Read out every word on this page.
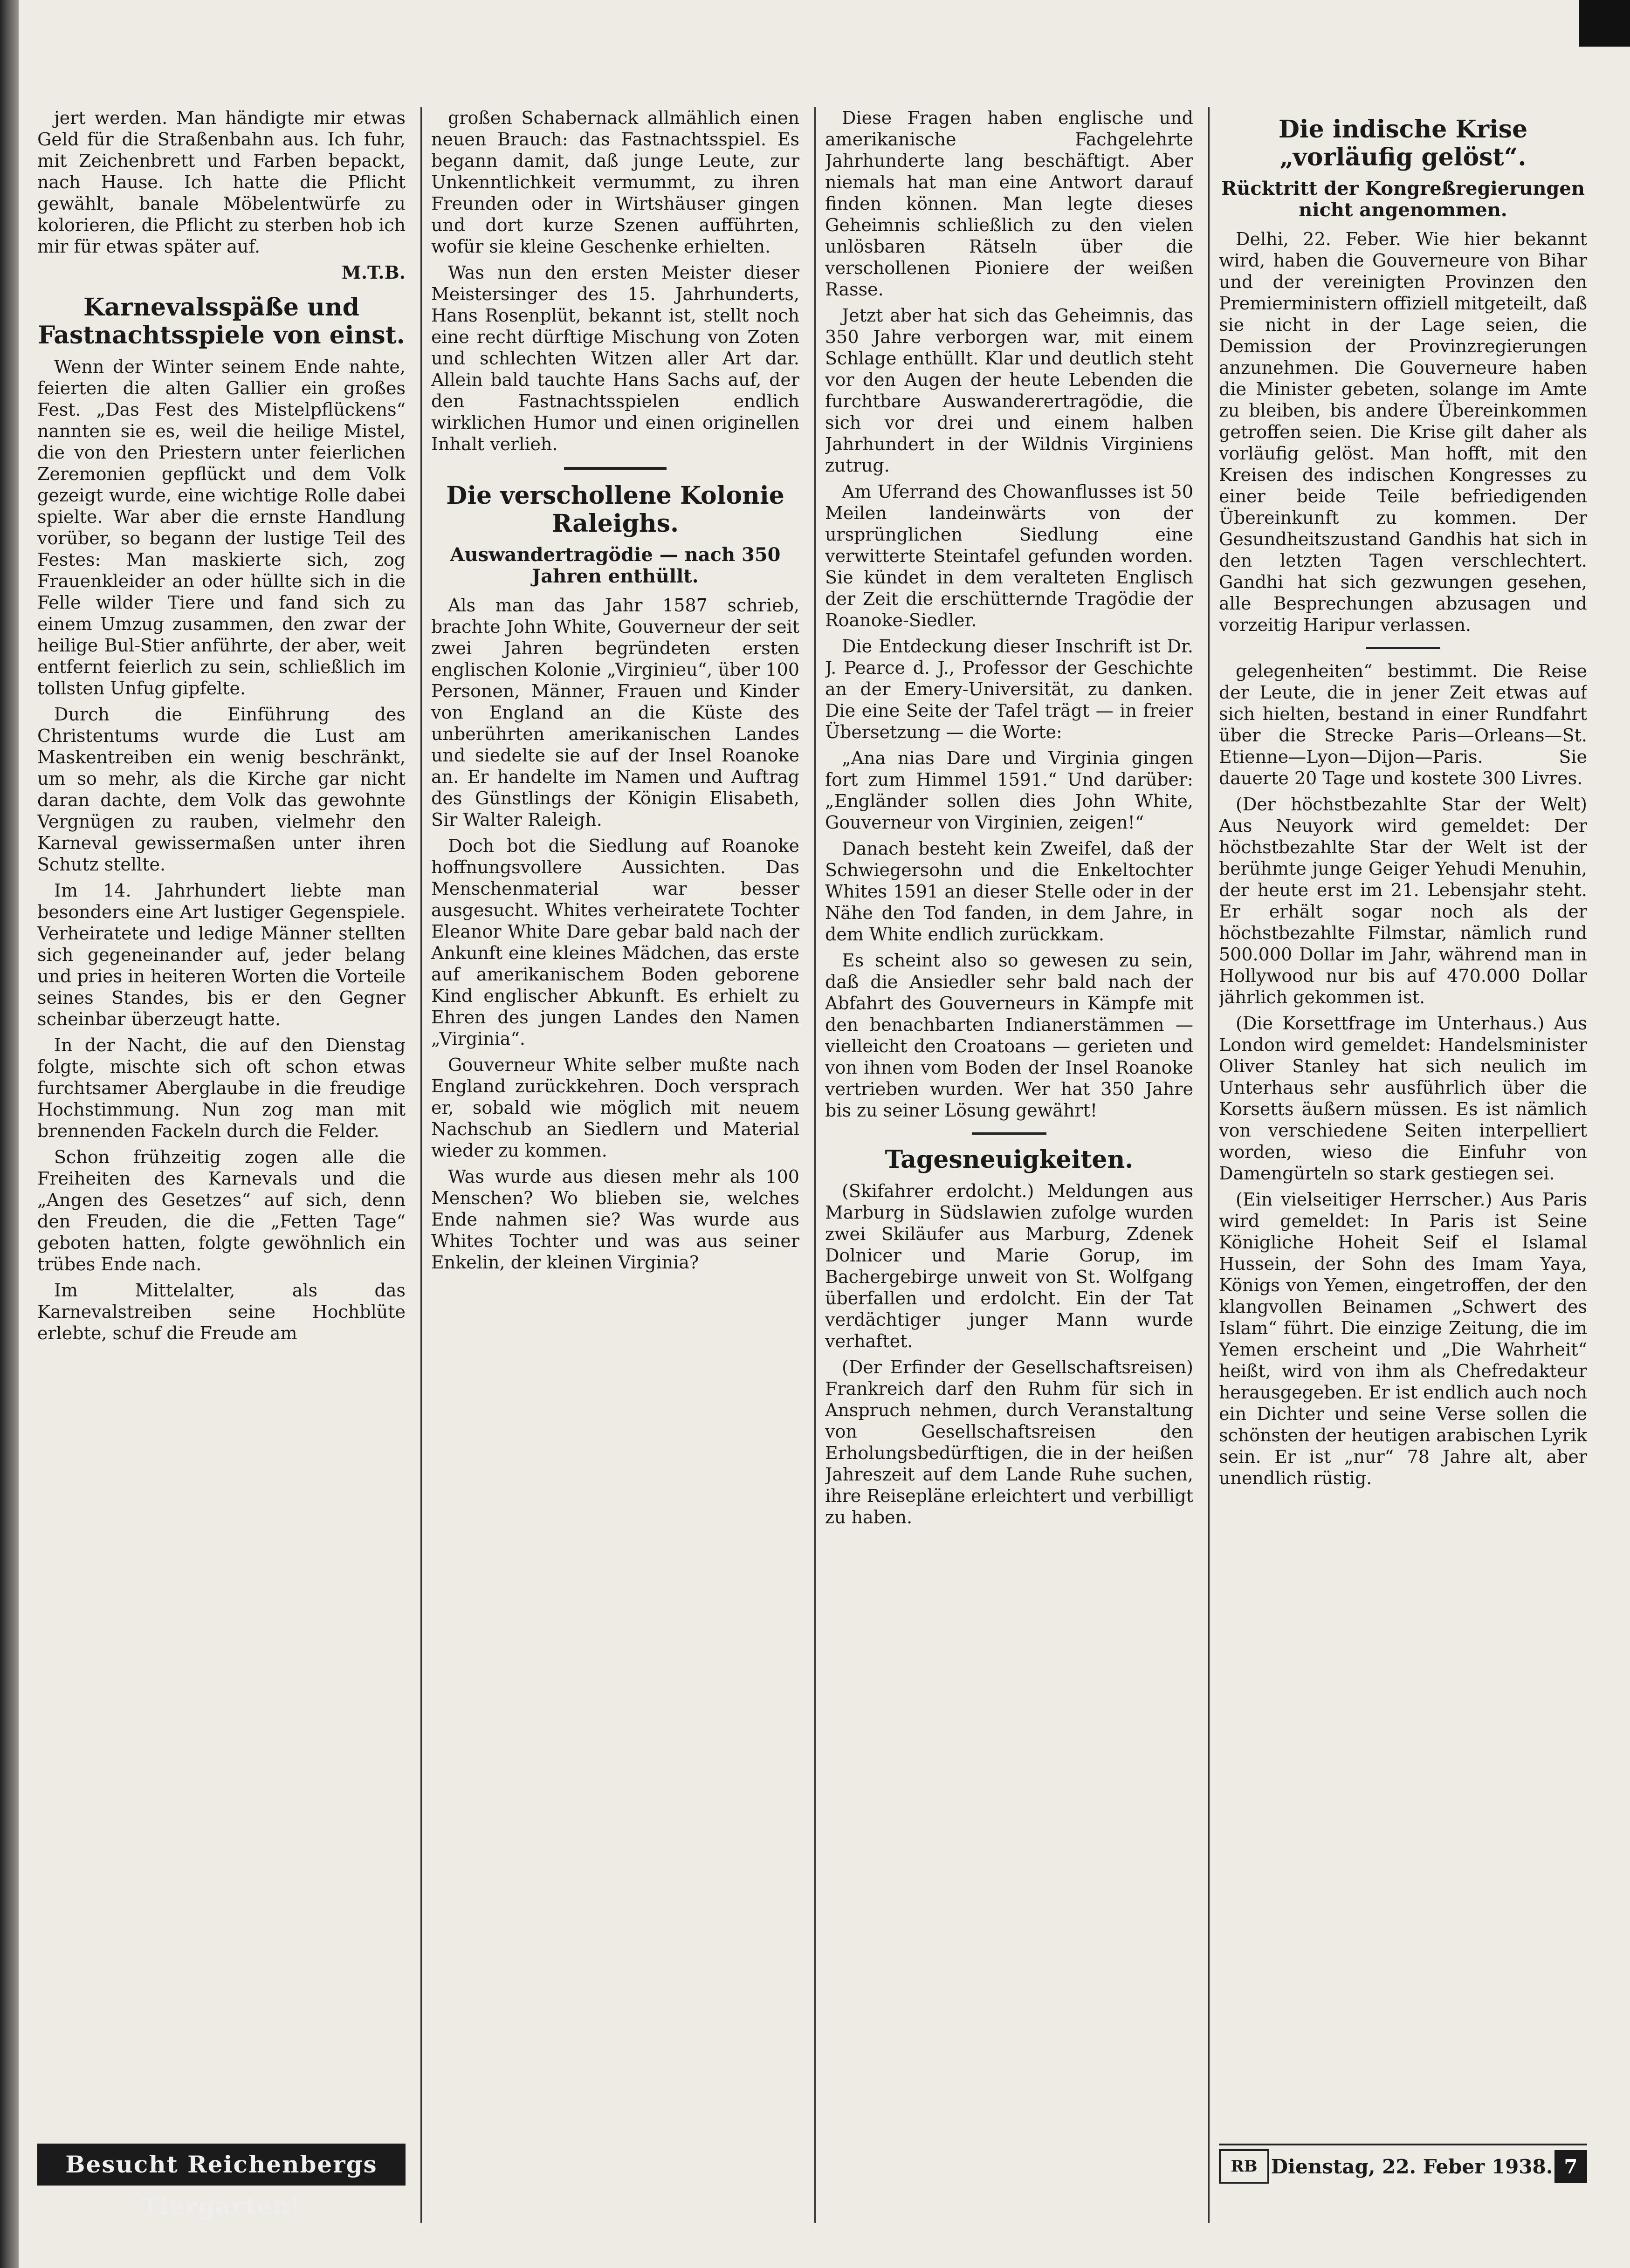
jert werden. Man händigte mir etwas Geld für die Straßenbahn aus. Ich fuhr, mit Zeichenbrett und Farben bepackt, nach Hause. Ich hatte die Pflicht gewählt, banale Möbelentwürfe zu kolorieren, die Pflicht zu sterben hob ich mir für etwas später auf.

M.T.B.
Karnevalsspäße und Fastnachtsspiele von einst.

Wenn der Winter seinem Ende nahte, feierten die alten Gallier ein großes Fest. „Das Fest des Mistelpflückens“ nannten sie es, weil die heilige Mistel, die von den Priestern unter feierlichen Zeremonien gepflückt und dem Volk gezeigt wurde, eine wichtige Rolle dabei spielte. War aber die ernste Handlung vorüber, so begann der lustige Teil des Festes: Man maskierte sich, zog Frauenkleider an oder hüllte sich in die Felle wilder Tiere und fand sich zu einem Umzug zusammen, den zwar der heilige Bul-Stier anführte, der aber, weit entfernt feierlich zu sein, schließlich im tollsten Unfug gipfelte.

Durch die Einführung des Christentums wurde die Lust am Maskentreiben ein wenig beschränkt, um so mehr, als die Kirche gar nicht daran dachte, dem Volk das gewohnte Vergnügen zu rauben, vielmehr den Karneval gewissermaßen unter ihren Schutz stellte.

Im 14. Jahrhundert liebte man besonders eine Art lustiger Gegenspiele. Verheiratete und ledige Männer stellten sich gegeneinander auf, jeder belang und pries in heiteren Worten die Vorteile seines Standes, bis er den Gegner scheinbar überzeugt hatte.

In der Nacht, die auf den Dienstag folgte, mischte sich oft schon etwas furchtsamer Aberglaube in die freudige Hochstimmung. Nun zog man mit brennenden Fackeln durch die Felder.

Schon frühzeitig zogen alle die Freiheiten des Karnevals und die „Angen des Gesetzes“ auf sich, denn den Freuden, die die „Fetten Tage“ geboten hatten, folgte gewöhnlich ein trübes Ende nach.

Im Mittelalter, als das Karnevalstreiben seine Hochblüte erlebte, schuf die Freude am

großen Schabernack allmählich einen neuen Brauch: das Fastnachtsspiel. Es begann damit, daß junge Leute, zur Unkenntlichkeit vermummt, zu ihren Freunden oder in Wirtshäuser gingen und dort kurze Szenen aufführten, wofür sie kleine Geschenke erhielten.

Was nun den ersten Meister dieser Meistersinger des 15. Jahrhunderts, Hans Rosenplüt, bekannt ist, stellt noch eine recht dürftige Mischung von Zoten und schlechten Witzen aller Art dar. Allein bald tauchte Hans Sachs auf, der den Fastnachtsspielen endlich wirklichen Humor und einen originellen Inhalt verlieh.

Die verschollene Kolonie Raleighs.
Auswandertragödie — nach 350 Jahren enthüllt.

Als man das Jahr 1587 schrieb, brachte John White, Gouverneur der seit zwei Jahren begründeten ersten englischen Kolonie „Virginieu“, über 100 Personen, Männer, Frauen und Kinder von England an die Küste des unberührten amerikanischen Landes und siedelte sie auf der Insel Roanoke an. Er handelte im Namen und Auftrag des Günstlings der Königin Elisabeth, Sir Walter Raleigh.

Doch bot die Siedlung auf Roanoke hoffnungsvollere Aussichten. Das Menschenmaterial war besser ausgesucht. Whites verheiratete Tochter Eleanor White Dare gebar bald nach der Ankunft eine kleines Mädchen, das erste auf amerikanischem Boden geborene Kind englischer Abkunft. Es erhielt zu Ehren des jungen Landes den Namen „Virginia“.

Gouverneur White selber mußte nach England zurückkehren. Doch versprach er, sobald wie möglich mit neuem Nachschub an Siedlern und Material wieder zu kommen.

Was wurde aus diesen mehr als 100 Menschen? Wo blieben sie, welches Ende nahmen sie? Was wurde aus Whites Tochter und was aus seiner Enkelin, der kleinen Virginia?

Diese Fragen haben englische und amerikanische Fachgelehrte Jahrhunderte lang beschäftigt. Aber niemals hat man eine Antwort darauf finden können. Man legte dieses Geheimnis schließlich zu den vielen unlösbaren Rätseln über die verschollenen Pioniere der weißen Rasse.

Jetzt aber hat sich das Geheimnis, das 350 Jahre verborgen war, mit einem Schlage enthüllt. Klar und deutlich steht vor den Augen der heute Lebenden die furchtbare Auswanderertragödie, die sich vor drei und einem halben Jahrhundert in der Wildnis Virginiens zutrug.

Am Uferrand des Chowanflusses ist 50 Meilen landeinwärts von der ursprünglichen Siedlung eine verwitterte Steintafel gefunden worden. Sie kündet in dem veralteten Englisch der Zeit die erschütternde Tragödie der Roanoke-Siedler.

Die Entdeckung dieser Inschrift ist Dr. J. Pearce d. J., Professor der Geschichte an der Emery-Universität, zu danken. Die eine Seite der Tafel trägt — in freier Übersetzung — die Worte:

„Ana nias Dare und Virginia gingen fort zum Himmel 1591.“ Und darüber: „Engländer sollen dies John White, Gouverneur von Virginien, zeigen!“

Danach besteht kein Zweifel, daß der Schwiegersohn und die Enkeltochter Whites 1591 an dieser Stelle oder in der Nähe den Tod fanden, in dem Jahre, in dem White endlich zurückkam.

Es scheint also so gewesen zu sein, daß die Ansiedler sehr bald nach der Abfahrt des Gouverneurs in Kämpfe mit den benachbarten Indianerstämmen — vielleicht den Croatoans — gerieten und von ihnen vom Boden der Insel Roanoke vertrieben wurden. Wer hat 350 Jahre bis zu seiner Lösung gewährt!

Tagesneuigkeiten.

(Skifahrer erdolcht.) Meldungen aus Marburg in Südslawien zufolge wurden zwei Skiläufer aus Marburg, Zdenek Dolnicer und Marie Gorup, im Bachergebirge unweit von St. Wolfgang überfallen und erdolcht. Ein der Tat verdächtiger junger Mann wurde verhaftet.

(Der Erfinder der Gesellschaftsreisen) Frankreich darf den Ruhm für sich in Anspruch nehmen, durch Veranstaltung von Gesellschaftsreisen den Erholungsbedürftigen, die in der heißen Jahreszeit auf dem Lande Ruhe suchen, ihre Reisepläne erleichtert und verbilligt zu haben.

Die indische Krise „vorläufig gelöst“.
Rücktritt der Kongreßregierungen nicht angenommen.

Delhi, 22. Feber. Wie hier bekannt wird, haben die Gouverneure von Bihar und der vereinigten Provinzen den Premierministern offiziell mitgeteilt, daß sie nicht in der Lage seien, die Demission der Provinzregierungen anzunehmen. Die Gouverneure haben die Minister gebeten, solange im Amte zu bleiben, bis andere Übereinkommen getroffen seien. Die Krise gilt daher als vorläufig gelöst. Man hofft, mit den Kreisen des indischen Kongresses zu einer beide Teile befriedigenden Übereinkunft zu kommen. Der Gesundheitszustand Gandhis hat sich in den letzten Tagen verschlechtert. Gandhi hat sich gezwungen gesehen, alle Besprechungen abzusagen und vorzeitig Haripur verlassen.

gelegenheiten“ bestimmt. Die Reise der Leute, die in jener Zeit etwas auf sich hielten, bestand in einer Rundfahrt über die Strecke Paris—Orleans—St. Etienne—Lyon—Dijon—Paris. Sie dauerte 20 Tage und kostete 300 Livres.

(Der höchstbezahlte Star der Welt) Aus Neuyork wird gemeldet: Der höchstbezahlte Star der Welt ist der berühmte junge Geiger Yehudi Menuhin, der heute erst im 21. Lebensjahr steht. Er erhält sogar noch als der höchstbezahlte Filmstar, nämlich rund 500.000 Dollar im Jahr, während man in Hollywood nur bis auf 470.000 Dollar jährlich gekommen ist.

(Die Korsettfrage im Unterhaus.) Aus London wird gemeldet: Handelsminister Oliver Stanley hat sich neulich im Unterhaus sehr ausführlich über die Korsetts äußern müssen. Es ist nämlich von verschiedene Seiten interpelliert worden, wieso die Einfuhr von Damengürteln so stark gestiegen sei.

(Ein vielseitiger Herrscher.) Aus Paris wird gemeldet: In Paris ist Seine Königliche Hoheit Seif el Islamal Hussein, der Sohn des Imam Yaya, Königs von Yemen, eingetroffen, der den klangvollen Beinamen „Schwert des Islam“ führt. Die einzige Zeitung, die im Yemen erscheint und „Die Wahrheit“ heißt, wird von ihm als Chefredakteur herausgegeben. Er ist endlich auch noch ein Dichter und seine Verse sollen die schönsten der heutigen arabischen Lyrik sein. Er ist „nur“ 78 Jahre alt, aber unendlich rüstig.

Besucht Reichenbergs Tiergarten!
RB Dienstag, 22. Feber 1938. 7
